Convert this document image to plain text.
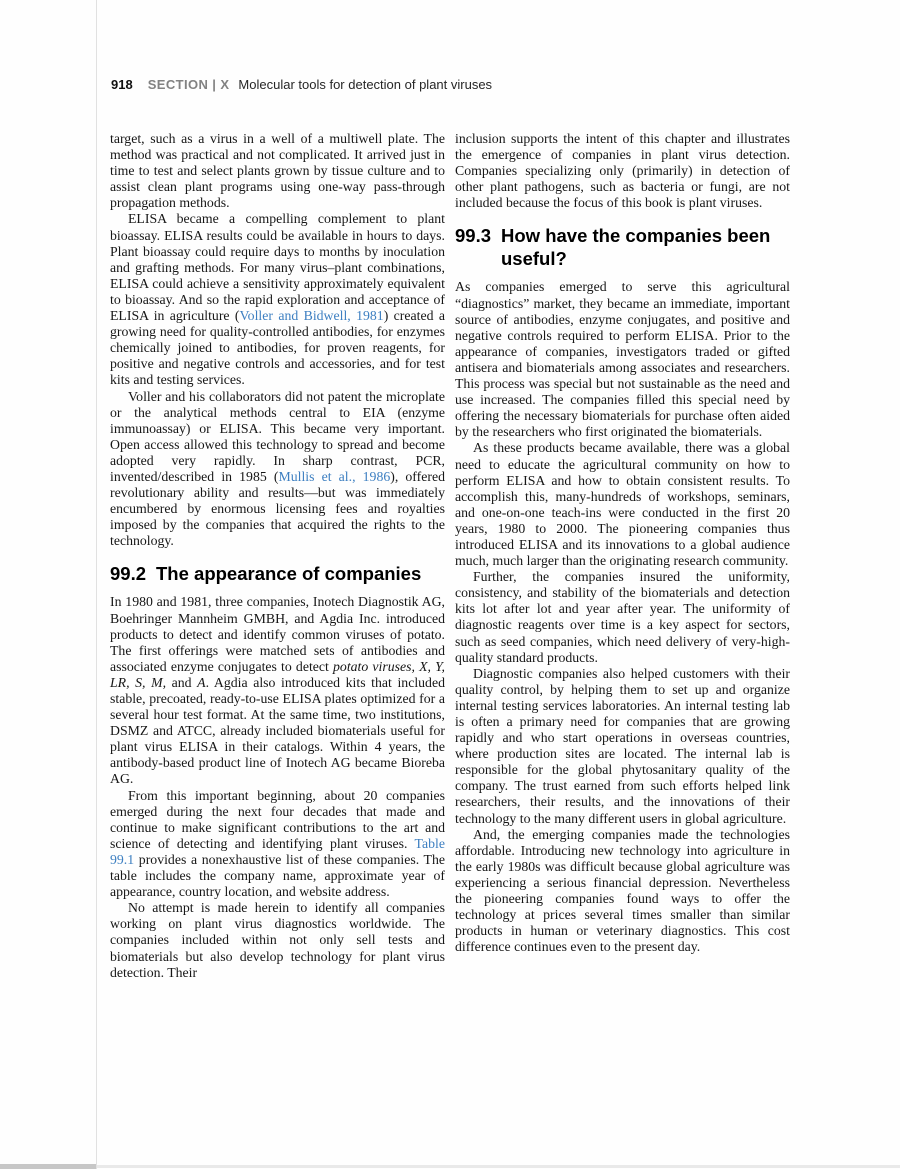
918 SECTION | X Molecular tools for detection of plant viruses

target, such as a virus in a well of a multiwell plate. The method was practical and not complicated. It arrived just in time to test and select plants grown by tissue culture and to assist clean plant programs using one-way pass-through propagation methods.

ELISA became a compelling complement to plant bioassay. ELISA results could be available in hours to days. Plant bioassay could require days to months by inoculation and grafting methods. For many virus–plant combinations, ELISA could achieve a sensitivity approximately equivalent to bioassay. And so the rapid exploration and acceptance of ELISA in agriculture (Voller and Bidwell, 1981) created a growing need for quality-controlled antibodies, for enzymes chemically joined to antibodies, for proven reagents, for positive and negative controls and accessories, and for test kits and testing services.

Voller and his collaborators did not patent the microplate or the analytical methods central to EIA (enzyme immunoassay) or ELISA. This became very important. Open access allowed this technology to spread and become adopted very rapidly. In sharp contrast, PCR, invented/described in 1985 (Mullis et al., 1986), offered revolutionary ability and results—but was immediately encumbered by enormous licensing fees and royalties imposed by the companies that acquired the rights to the technology.

99.2 The appearance of companies

In 1980 and 1981, three companies, Inotech Diagnostik AG, Boehringer Mannheim GMBH, and Agdia Inc. introduced products to detect and identify common viruses of potato. The first offerings were matched sets of antibodies and associated enzyme conjugates to detect potato viruses, X, Y, LR, S, M, and A. Agdia also introduced kits that included stable, precoated, ready-to-use ELISA plates optimized for a several hour test format. At the same time, two institutions, DSMZ and ATCC, already included biomaterials useful for plant virus ELISA in their catalogs. Within 4 years, the antibody-based product line of Inotech AG became Bioreba AG.

From this important beginning, about 20 companies emerged during the next four decades that made and continue to make significant contributions to the art and science of detecting and identifying plant viruses. Table 99.1 provides a nonexhaustive list of these companies. The table includes the company name, approximate year of appearance, country location, and website address.

No attempt is made herein to identify all companies working on plant virus diagnostics worldwide. The companies included within not only sell tests and biomaterials but also develop technology for plant virus detection. Their

inclusion supports the intent of this chapter and illustrates the emergence of companies in plant virus detection. Companies specializing only (primarily) in detection of other plant pathogens, such as bacteria or fungi, are not included because the focus of this book is plant viruses.

99.3 How have the companies been useful?

As companies emerged to serve this agricultural “diagnostics” market, they became an immediate, important source of antibodies, enzyme conjugates, and positive and negative controls required to perform ELISA. Prior to the appearance of companies, investigators traded or gifted antisera and biomaterials among associates and researchers. This process was special but not sustainable as the need and use increased. The companies filled this special need by offering the necessary biomaterials for purchase often aided by the researchers who first originated the biomaterials.

As these products became available, there was a global need to educate the agricultural community on how to perform ELISA and how to obtain consistent results. To accomplish this, many-hundreds of workshops, seminars, and one-on-one teach-ins were conducted in the first 20 years, 1980 to 2000. The pioneering companies thus introduced ELISA and its innovations to a global audience much, much larger than the originating research community.

Further, the companies insured the uniformity, consistency, and stability of the biomaterials and detection kits lot after lot and year after year. The uniformity of diagnostic reagents over time is a key aspect for sectors, such as seed companies, which need delivery of very-high-quality standard products.

Diagnostic companies also helped customers with their quality control, by helping them to set up and organize internal testing services laboratories. An internal testing lab is often a primary need for companies that are growing rapidly and who start operations in overseas countries, where production sites are located. The internal lab is responsible for the global phytosanitary quality of the company. The trust earned from such efforts helped link researchers, their results, and the innovations of their technology to the many different users in global agriculture.

And, the emerging companies made the technologies affordable. Introducing new technology into agriculture in the early 1980s was difficult because global agriculture was experiencing a serious financial depression. Nevertheless the pioneering companies found ways to offer the technology at prices several times smaller than similar products in human or veterinary diagnostics. This cost difference continues even to the present day.
